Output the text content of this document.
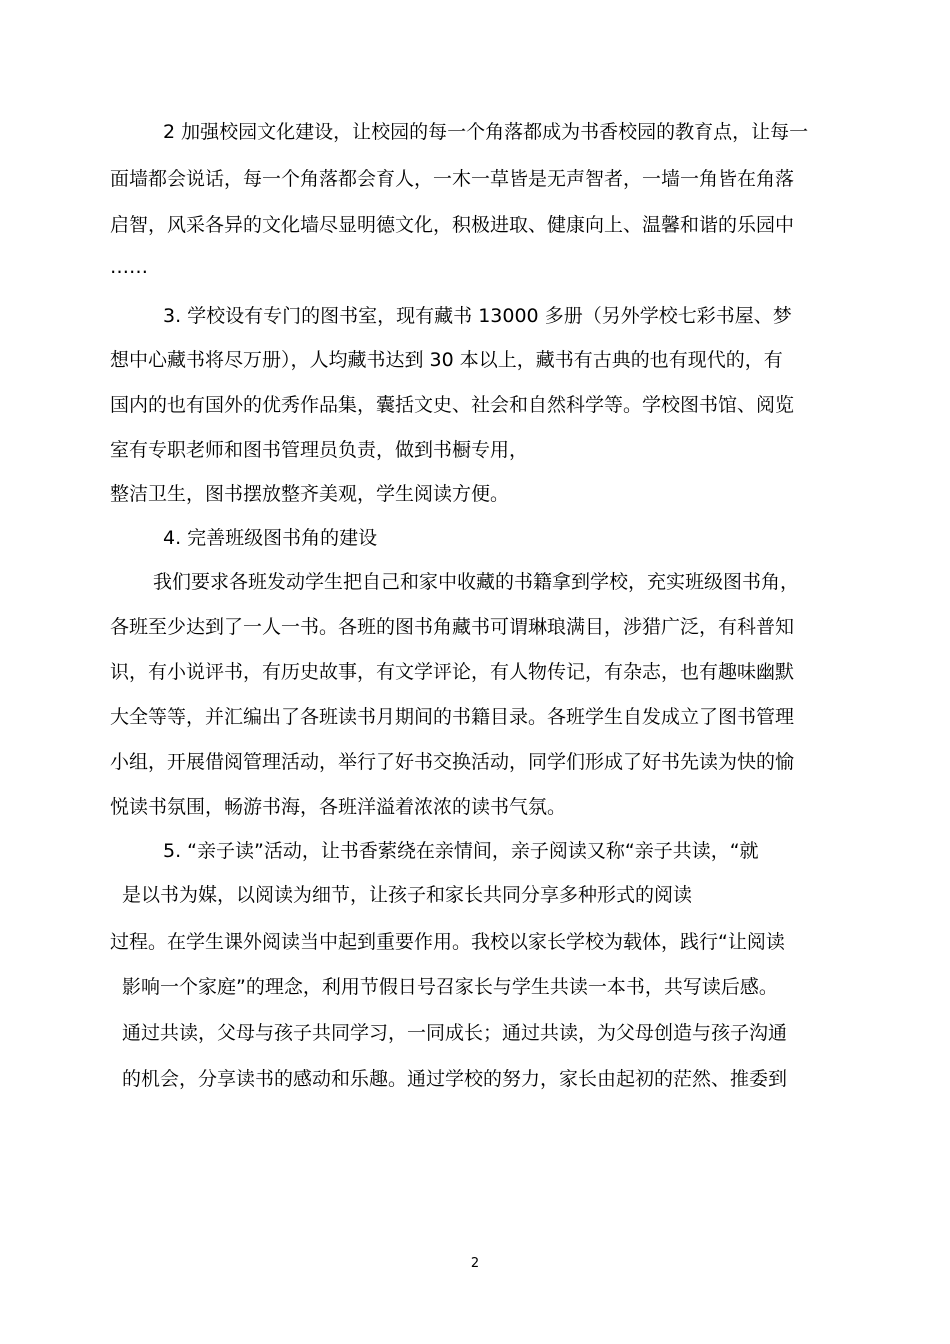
2 加强校园文化建设，让校园的每一个角落都成为书香校园的教育点，让每一
面墙都会说话，每一个角落都会育人，一木一草皆是无声智者，一墙一角皆在角落
启智，风采各异的文化墙尽显明德文化，积极进取、健康向上、温馨和谐的乐园中
……
3. 学校设有专门的图书室，现有藏书 13000 多册（另外学校七彩书屋、梦
想中心藏书将尽万册），人均藏书达到 30 本以上，藏书有古典的也有现代的，有
国内的也有国外的优秀作品集，囊括文史、社会和自然科学等。学校图书馆、阅览
室有专职老师和图书管理员负责，做到书橱专用，
整洁卫生，图书摆放整齐美观，学生阅读方便。
4. 完善班级图书角的建设
我们要求各班发动学生把自己和家中收藏的书籍拿到学校，充实班级图书角，
各班至少达到了一人一书。各班的图书角藏书可谓琳琅满目，涉猎广泛，有科普知
识，有小说评书，有历史故事，有文学评论，有人物传记，有杂志，也有趣味幽默
大全等等，并汇编出了各班读书月期间的书籍目录。各班学生自发成立了图书管理
小组，开展借阅管理活动，举行了好书交换活动，同学们形成了好书先读为快的愉
悦读书氛围，畅游书海，各班洋溢着浓浓的读书气氛。
5. “亲子读”活动，让书香萦绕在亲情间，亲子阅读又称“亲子共读，“就
是以书为媒，以阅读为细节，让孩子和家长共同分享多种形式的阅读
过程。在学生课外阅读当中起到重要作用。我校以家长学校为载体，践行“让阅读
影响一个家庭”的理念，利用节假日号召家长与学生共读一本书，共写读后感。
通过共读，父母与孩子共同学习，一同成长；通过共读，为父母创造与孩子沟通
的机会，分享读书的感动和乐趣。通过学校的努力，家长由起初的茫然、推委到
2
